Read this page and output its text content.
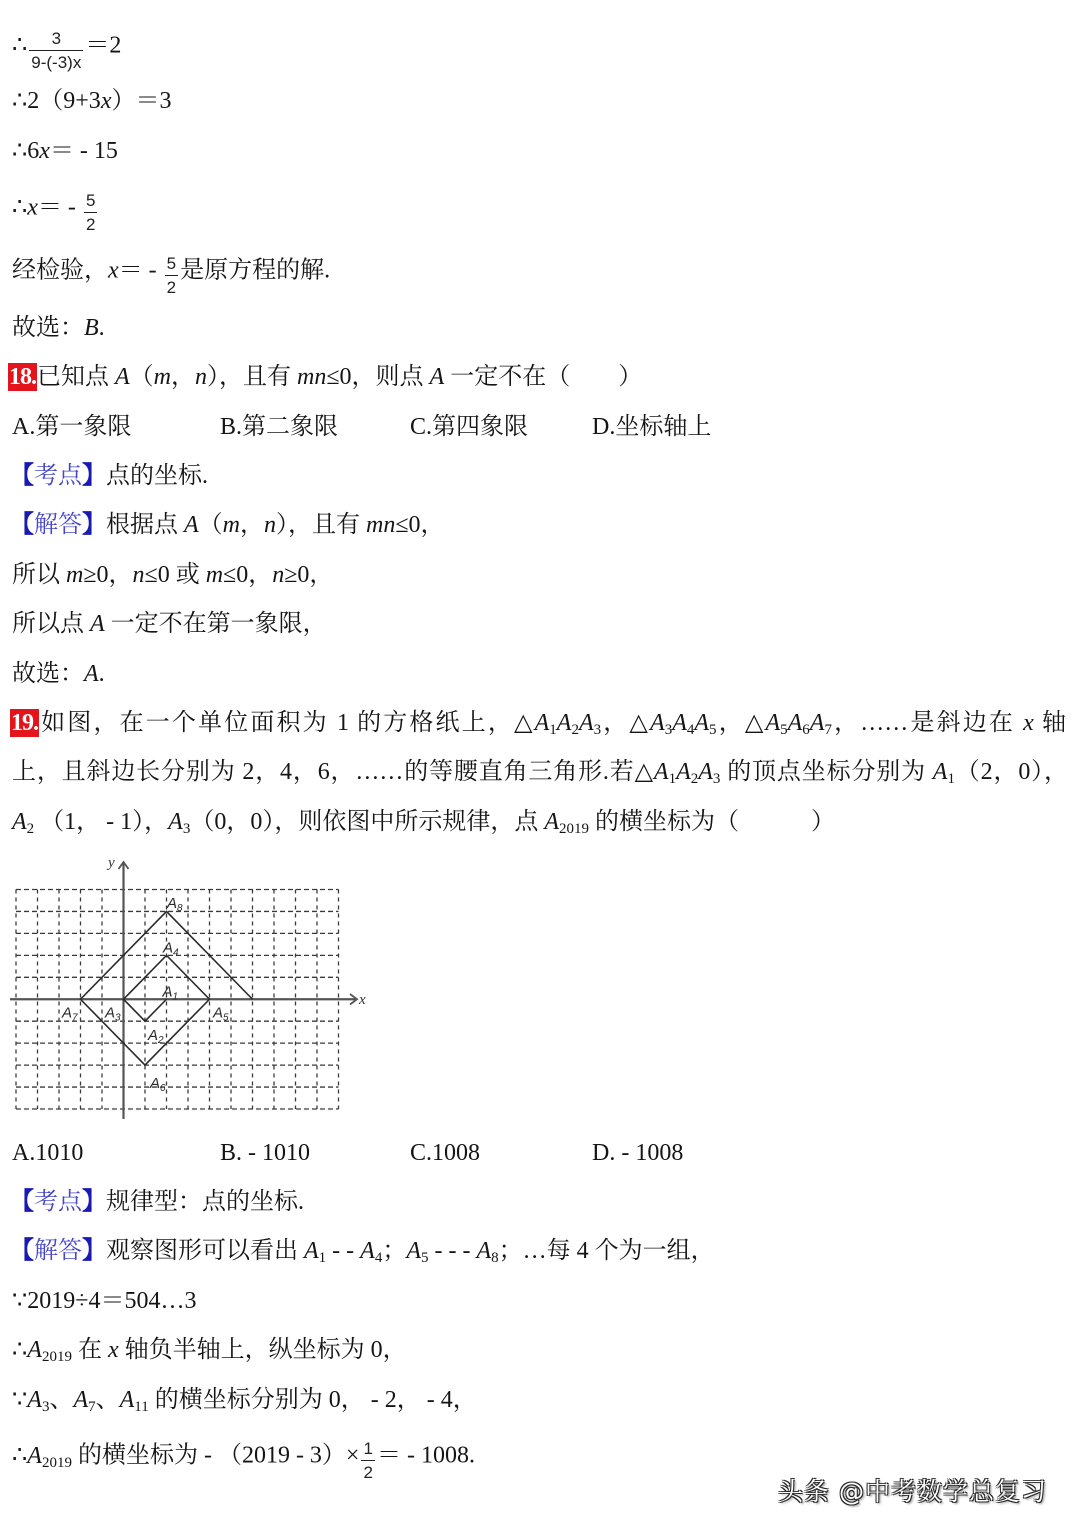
∴ $\frac{3}{9-(-3)x} =2$
∴2（9+3x）＝3
∴6x＝ - 15
∴x＝ - $\frac{5}{2}$
经检验，$x= - \frac{5}{2}$ 是原方程的解.
故选：B.
18.已知点 A（m，n），且有 mn≤0，则点 A 一定不在（　　）
A.第一象限	B.第二象限	C.第四象限	D.坐标轴上
【考点】点的坐标.
【解答】根据点 A（m，n），且有 mn≤0，
所以 m≥0，n≤0 或 m≤0，n≥0，
所以点 A 一定不在第一象限，
故选：A.
19.如图，在一个单位面积为 1 的方格纸上，$\triangle A_1A_2A_3$，$\triangle A_3A_4A_5$，$\triangle A_5A_6A_7$，……是斜边在 x 轴
上，且斜边长分别为 2，4，6，……的等腰直角三角形.若$\triangle A_1A_2A_3$ 的顶点坐标分别为 $A_1(2$，0），
$A_2$ （1， - 1），$A_3(0$，0），则依图中所示规律，点 $A_{2019}$ 的横坐标为（　　　）
x
y
$A_1$
$A_2$
$A_3$
$A_4$
$A_5$
$A_6$
$A_7$
$A_8$
A.1010	B. - 1010	C.1008	D. - 1008
【考点】规律型：点的坐标.
【解答】观察图形可以看出 $A_1$ - - $A_4$；$A_5$ - - - $A_8$；…每 4 个为一组，
∵2019÷4＝504…3
$\therefore A_{2019}$ 在 x 轴负半轴上，纵坐标为 0，
$\because A_3$、$A_7$、$A_{11}$ 的横坐标分别为 0， - 2， - 4，
$\therefore A_{2019}$ 的横坐标为 - $(2019 - 3)\times \frac{1}{2}$ ＝ - 1008.
头条 @中考数学总复习
